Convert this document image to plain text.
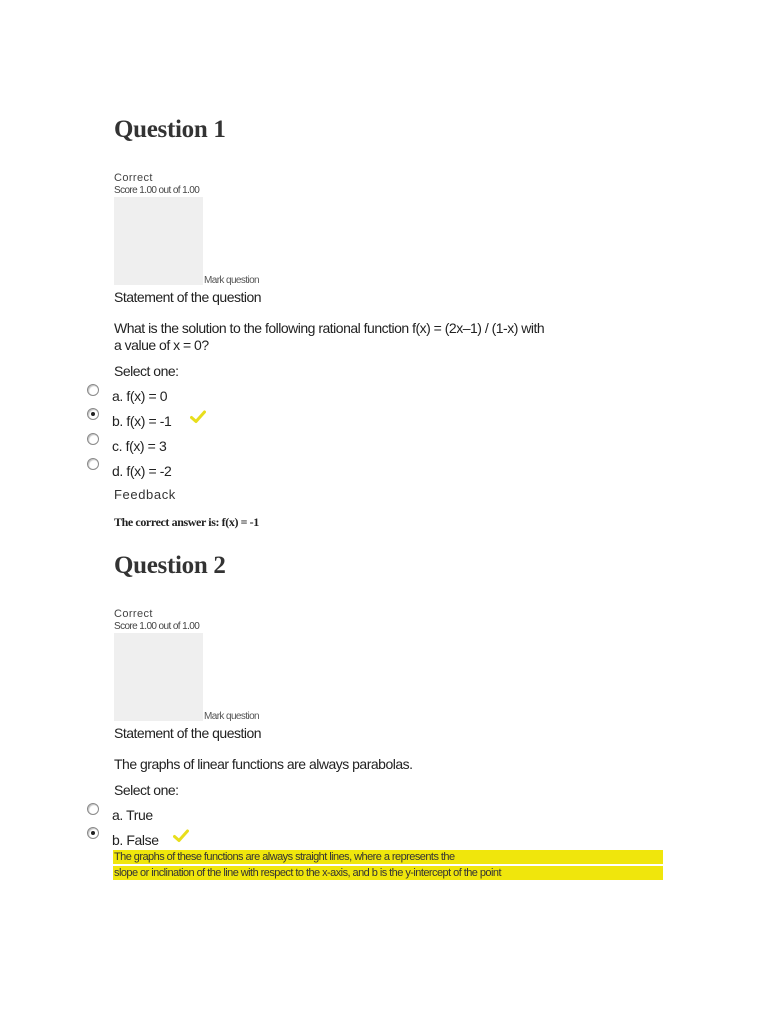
Question 1
Correct
Score 1.00 out of 1.00
Mark question
Statement of the question
What is the solution to the following rational function f(x) = (2x–1) / (1-x) with
a value of x = 0?
Select one:
a. f(x) = 0
b. f(x) = -1
c. f(x) = 3
d. f(x) = -2
Feedback
The correct answer is: f(x) = -1
Question 2
Correct
Score 1.00 out of 1.00
Mark question
Statement of the question
The graphs of linear functions are always parabolas.
Select one:
a. True
b. False
The graphs of these functions are always straight lines, where a represents the
slope or inclination of the line with respect to the x-axis, and b is the y-intercept of the point
